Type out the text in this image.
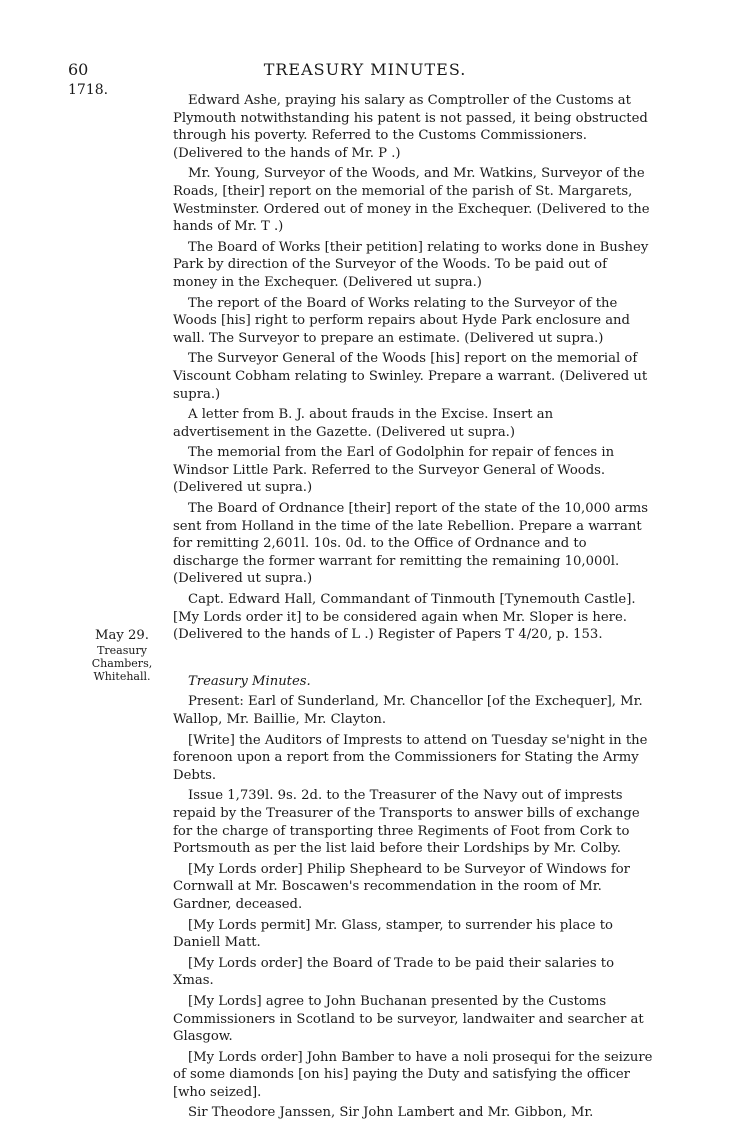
60	TREASURY MINUTES.
1718.
May 29.
Treasury
Chambers,
Whitehall.

Edward Ashe, praying his salary as Comptroller of the Customs at Plymouth notwithstanding his patent is not passed, it being obstructed through his poverty. Referred to the Customs Commissioners. (Delivered to the hands of Mr. P .)

Mr. Young, Surveyor of the Woods, and Mr. Watkins, Surveyor of the Roads, [their] report on the memorial of the parish of St. Margarets, Westminster. Ordered out of money in the Exchequer. (Delivered to the hands of Mr. T .)

The Board of Works [their petition] relating to works done in Bushey Park by direction of the Surveyor of the Woods. To be paid out of money in the Exchequer. (Delivered ut supra.)

The report of the Board of Works relating to the Surveyor of the Woods [his] right to perform repairs about Hyde Park enclosure and wall. The Surveyor to prepare an estimate. (Delivered ut supra.)

The Surveyor General of the Woods [his] report on the memorial of Viscount Cobham relating to Swinley. Prepare a warrant. (Delivered ut supra.)

A letter from B. J. about frauds in the Excise. Insert an advertisement in the Gazette. (Delivered ut supra.)

The memorial from the Earl of Godolphin for repair of fences in Windsor Little Park. Referred to the Surveyor General of Woods. (Delivered ut supra.)

The Board of Ordnance [their] report of the state of the 10,000 arms sent from Holland in the time of the late Rebellion. Prepare a warrant for remitting 2,601l. 10s. 0d. to the Office of Ordnance and to discharge the former warrant for remitting the remaining 10,000l. (Delivered ut supra.)

Capt. Edward Hall, Commandant of Tinmouth [Tynemouth Castle]. [My Lords order it] to be considered again when Mr. Sloper is here. (Delivered to the hands of L .) Register of Papers T 4/20, p. 153.

Treasury Minutes.

Present: Earl of Sunderland, Mr. Chancellor [of the Exchequer], Mr. Wallop, Mr. Baillie, Mr. Clayton.

[Write] the Auditors of Imprests to attend on Tuesday se'night in the forenoon upon a report from the Commissioners for Stating the Army Debts.

Issue 1,739l. 9s. 2d. to the Treasurer of the Navy out of imprests repaid by the Treasurer of the Transports to answer bills of exchange for the charge of transporting three Regiments of Foot from Cork to Portsmouth as per the list laid before their Lordships by Mr. Colby.

[My Lords order] Philip Shepheard to be Surveyor of Windows for Cornwall at Mr. Boscawen's recommendation in the room of Mr. Gardner, deceased.

[My Lords permit] Mr. Glass, stamper, to surrender his place to Daniell Matt.

[My Lords order] the Board of Trade to be paid their salaries to Xmas.

[My Lords] agree to John Buchanan presented by the Customs Commissioners in Scotland to be surveyor, landwaiter and searcher at Glasgow.

[My Lords order] John Bamber to have a noli prosequi for the seizure of some diamonds [on his] paying the Duty and satisfying the officer [who seized].

Sir Theodore Janssen, Sir John Lambert and Mr. Gibbon, Mr.
